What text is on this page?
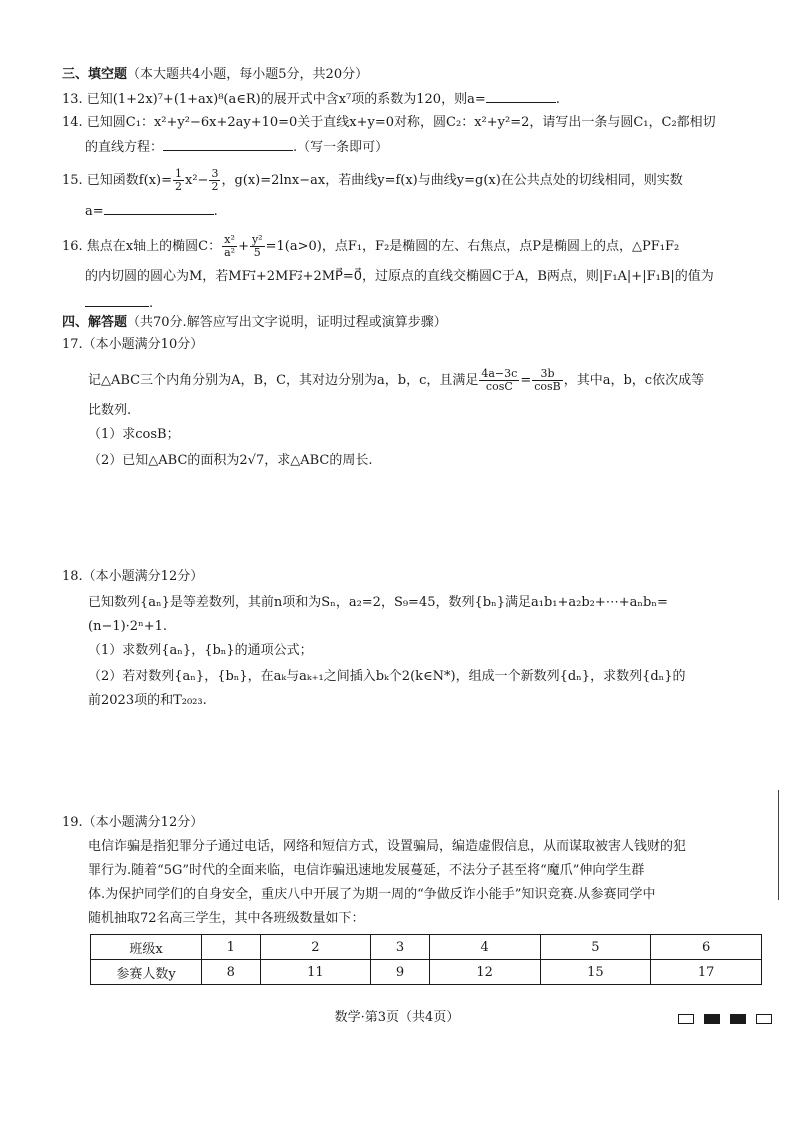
三、填空题（本大题共4小题，每小题5分，共20分）
13. 已知(1+2x)⁷+(1+ax)⁸(a∈R)的展开式中含x⁷项的系数为120，则a=	.
14. 已知圆C₁：x²+y²−6x+2ay+10=0关于直线x+y=0对称，圆C₂：x²+y²=2，请写出一条与圆C₁，C₂都相切
的直线方程：	.（写一条即可）
15. 已知函数$f(x)= \frac{1}{2} x^2- \frac{3}{2}$ ，g(x)=2lnx−ax，若曲线y=f(x)与曲线y=g(x)在公共点处的切线相同，则实数
a=	.
16. 焦点在x轴上的椭圆C： $\frac{\text{x²}}{\text{a²}} + \frac{\text{y²}}{5} =1(a>0)$，点F₁，F₂是椭圆的左、右焦点，点P是椭圆上的点，△PF₁F₂
的内切圆的圆心为M，若MF₁⃗+2MF₂⃗+2MP⃗=0⃗，过原点的直线交椭圆C于A，B两点，则|F₁A|+|F₁B|的值为
.
四、解答题（共70分.解答应写出文字说明，证明过程或演算步骤）
17.（本小题满分10分）
记△ABC三个内角分别为A，B，C，其对边分别为a，b，c，且满足 $\frac{4a-3c}{\cos C} = \frac{3b}{\cos B}$ ，其中a，b，c依次成等
比数列.
（1）求cosB；
（2）已知△ABC的面积为2√7，求△ABC的周长.
18.（本小题满分12分）
已知数列{aₙ}是等差数列，其前n项和为Sₙ，a₂=2，S₉=45，数列{bₙ}满足a₁b₁+a₂b₂+⋯+aₙbₙ=
(n−1)·2ⁿ+1.
（1）求数列{aₙ}，{bₙ}的通项公式；
（2）若对数列{aₙ}，{bₙ}，在aₖ与aₖ₊₁之间插入bₖ个2(k∈N*)，组成一个新数列{dₙ}，求数列{dₙ}的
前2023项的和T₂₀₂₃.
19.（本小题满分12分）
电信诈骗是指犯罪分子通过电话，网络和短信方式，设置骗局，编造虚假信息，从而谋取被害人钱财的犯
罪行为.随着“5G”时代的全面来临，电信诈骗迅速地发展蔓延，不法分子甚至将“魔爪”伸向学生群
体.为保护同学们的自身安全，重庆八中开展了为期一周的“争做反诈小能手”知识竞赛.从参赛同学中
随机抽取72名高三学生，其中各班级数量如下：
班级x	1	2	3	4	5	6
参赛人数y	8	11	9	12	15	17
数学·第3页（共4页）
